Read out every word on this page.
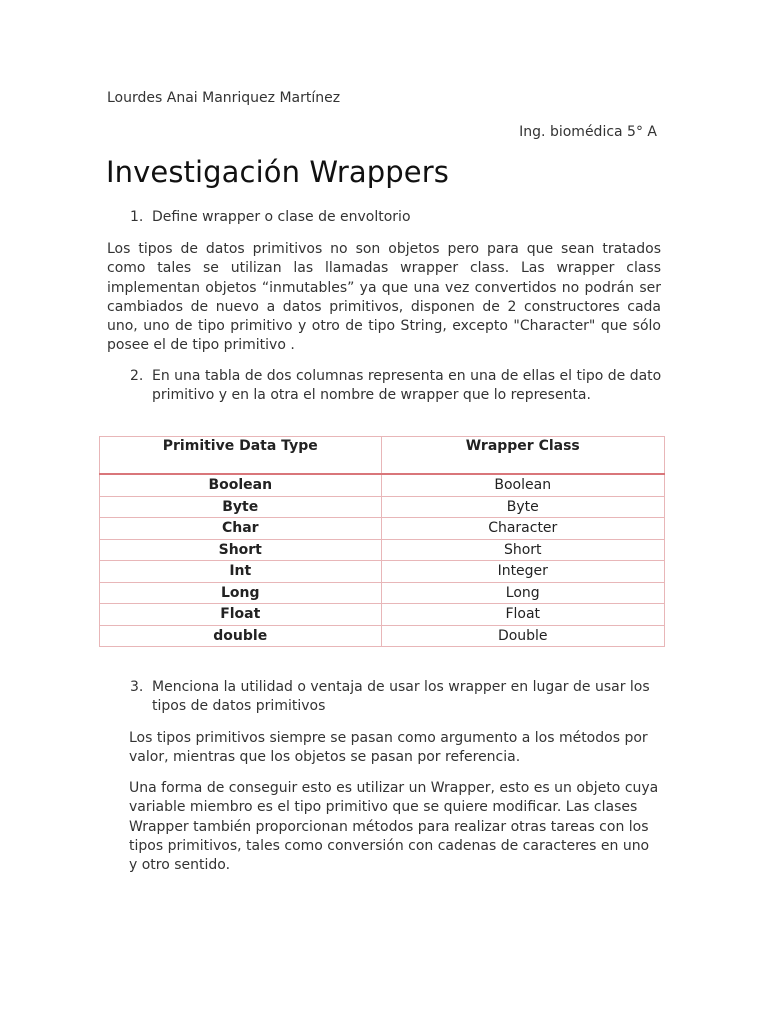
Lourdes Anai Manriquez Martínez
Ing. biomédica 5° A
Investigación Wrappers
1. Define wrapper o clase de envoltorio

Los tipos de datos primitivos no son objetos pero para que sean tratados como tales se utilizan las llamadas wrapper class. Las wrapper class implementan objetos “inmutables” ya que una vez convertidos no podrán ser cambiados de nuevo a datos primitivos, disponen de 2 constructores cada uno, uno de tipo primitivo y otro de tipo String, excepto "Character" que sólo posee el de tipo primitivo .

2. En una tabla de dos columnas representa en una de ellas el tipo de dato primitivo y en la otra el nombre de wrapper que lo representa.
Primitive Data Type	Wrapper Class
Boolean	Boolean
Byte	Byte
Char	Character
Short	Short
Int	Integer
Long	Long
Float	Float
double	Double
3. Menciona la utilidad o ventaja de usar los wrapper en lugar de usar los tipos de datos primitivos

Los tipos primitivos siempre se pasan como argumento a los métodos por valor, mientras que los objetos se pasan por referencia.

Una forma de conseguir esto es utilizar un Wrapper, esto es un objeto cuya variable miembro es el tipo primitivo que se quiere modificar. Las clases Wrapper también proporcionan métodos para realizar otras tareas con los tipos primitivos, tales como conversión con cadenas de caracteres en uno y otro sentido.
